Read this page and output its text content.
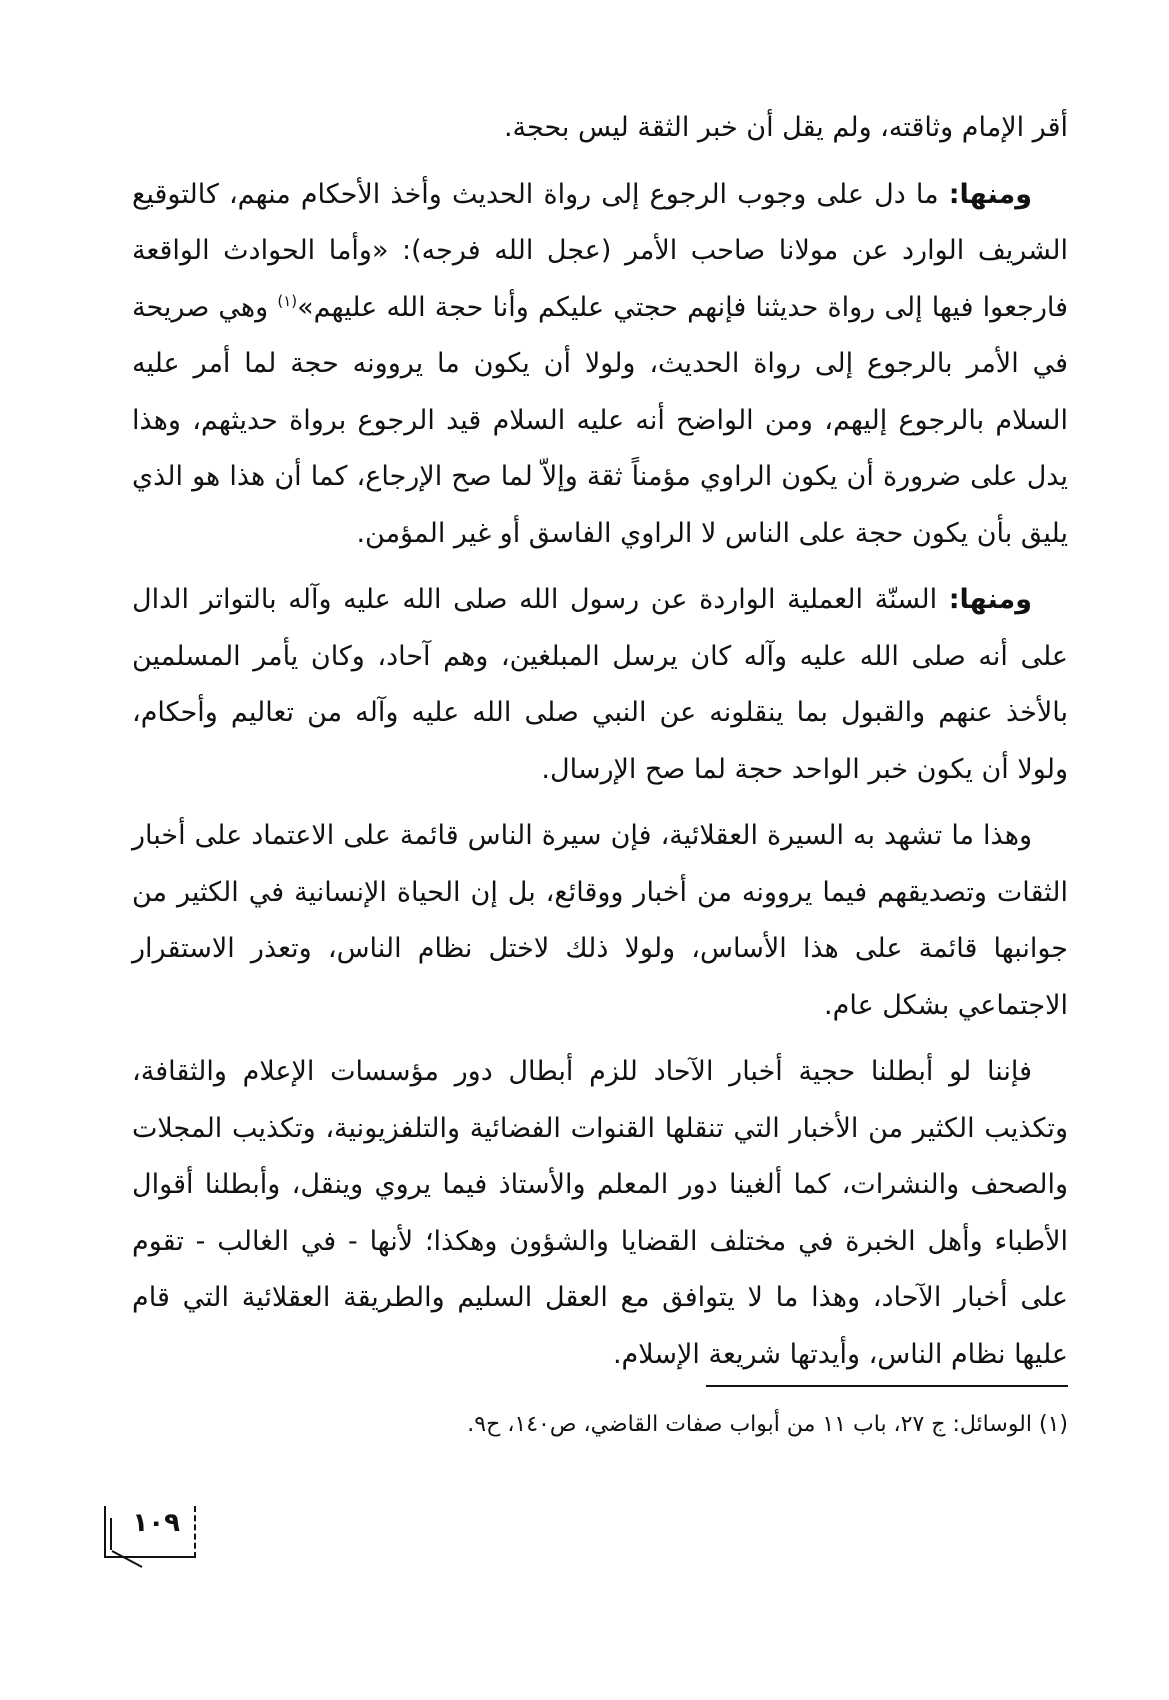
أقر الإمام وثاقته، ولم يقل أن خبر الثقة ليس بحجة.

ومنها: ما دل على وجوب الرجوع إلى رواة الحديث وأخذ الأحكام منهم، كالتوقيع الشريف الوارد عن مولانا صاحب الأمر (عجل الله فرجه): «وأما الحوادث الواقعة فارجعوا فيها إلى رواة حديثنا فإنهم حجتي عليكم وأنا حجة الله عليهم»$^{(١)}$ وهي صريحة في الأمر بالرجوع إلى رواة الحديث، ولولا أن يكون ما يروونه حجة لما أمر عليه السلام بالرجوع إليهم، ومن الواضح أنه عليه السلام قيد الرجوع برواة حديثهم، وهذا يدل على ضرورة أن يكون الراوي مؤمناً ثقة وإلاّ لما صح الإرجاع، كما أن هذا هو الذي يليق بأن يكون حجة على الناس لا الراوي الفاسق أو غير المؤمن.

ومنها: السنّة العملية الواردة عن رسول الله صلى الله عليه وآله بالتواتر الدال على أنه صلى الله عليه وآله كان يرسل المبلغين، وهم آحاد، وكان يأمر المسلمين بالأخذ عنهم والقبول بما ينقلونه عن النبي صلى الله عليه وآله من تعاليم وأحكام، ولولا أن يكون خبر الواحد حجة لما صح الإرسال.

وهذا ما تشهد به السيرة العقلائية، فإن سيرة الناس قائمة على الاعتماد على أخبار الثقات وتصديقهم فيما يروونه من أخبار ووقائع، بل إن الحياة الإنسانية في الكثير من جوانبها قائمة على هذا الأساس، ولولا ذلك لاختل نظام الناس، وتعذر الاستقرار الاجتماعي بشكل عام.

فإننا لو أبطلنا حجية أخبار الآحاد للزم أبطال دور مؤسسات الإعلام والثقافة، وتكذيب الكثير من الأخبار التي تنقلها القنوات الفضائية والتلفزيونية، وتكذيب المجلات والصحف والنشرات، كما ألغينا دور المعلم والأستاذ فيما يروي وينقل، وأبطلنا أقوال الأطباء وأهل الخبرة في مختلف القضايا والشؤون وهكذا؛ لأنها - في الغالب - تقوم على أخبار الآحاد، وهذا ما لا يتوافق مع العقل السليم والطريقة العقلائية التي قام عليها نظام الناس، وأيدتها شريعة الإسلام.

(١) الوسائل: ج ٢٧، باب ١١ من أبواب صفات القاضي، ص١٤٠، ح٩.
١٠٩
